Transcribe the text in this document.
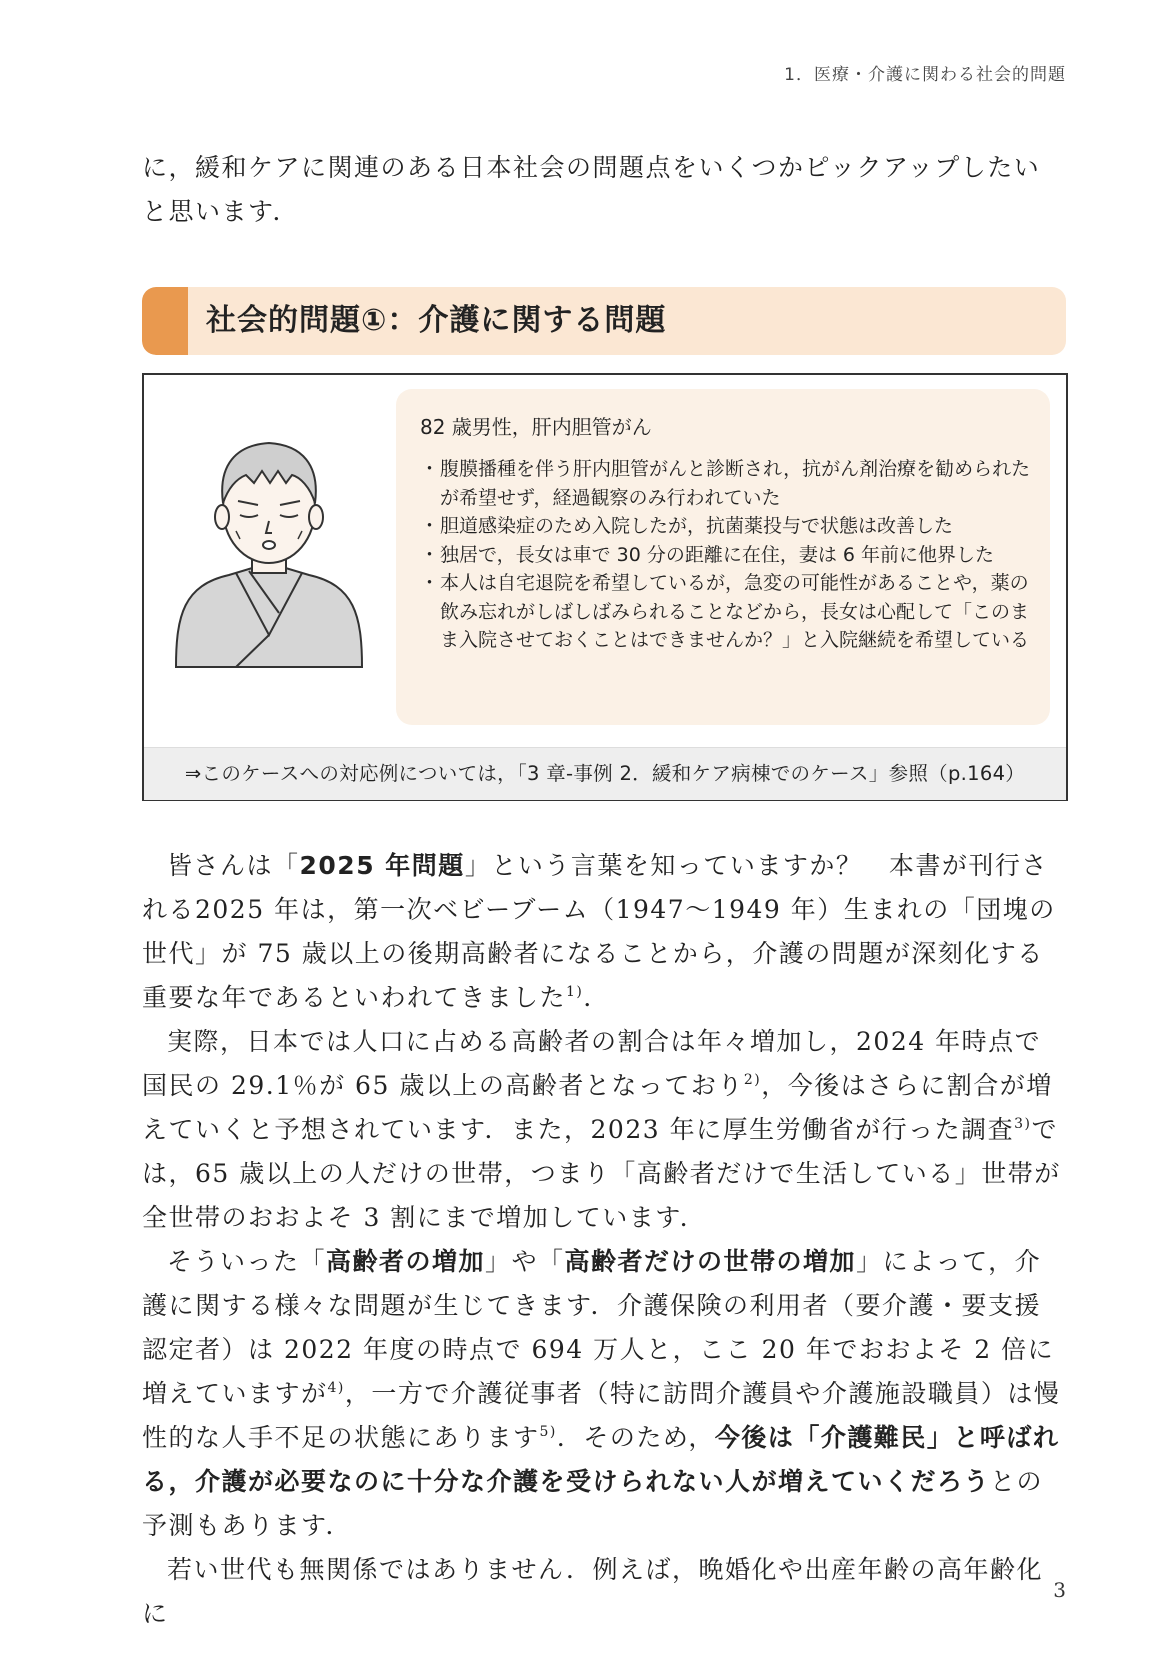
1．医療・介護に関わる社会的問題
に，緩和ケアに関連のある日本社会の問題点をいくつかピックアップしたいと思います．
社会的問題①：介護に関する問題
82 歳男性，肝内胆管がん
・ 腹膜播種を伴う肝内胆管がんと診断され，抗がん剤治療を勧められたが希望せず，経過観察のみ行われていた
・ 胆道感染症のため入院したが，抗菌薬投与で状態は改善した
・ 独居で，長女は車で 30 分の距離に在住，妻は 6 年前に他界した
・ 本人は自宅退院を希望しているが，急変の可能性があることや，薬の飲み忘れがしばしばみられることなどから，長女は心配して「このまま入院させておくことはできませんか？」と入院継続を希望している
⇒このケースへの対応例については，「3 章-事例 2．緩和ケア病棟でのケース」参照（p.164）

皆さんは「2025 年問題」という言葉を知っていますか？　本書が刊行される2025 年は，第一次ベビーブーム（1947～1949 年）生まれの「団塊の世代」が 75 歳以上の後期高齢者になることから，介護の問題が深刻化する重要な年であるといわれてきました$^{1)}$．

実際，日本では人口に占める高齢者の割合は年々増加し，2024 年時点で国民の 29.1％が 65 歳以上の高齢者となっており$^{2)}$，今後はさらに割合が増えていくと予想されています．また，2023 年に厚生労働省が行った調査$^{3)}$では，65 歳以上の人だけの世帯，つまり「高齢者だけで生活している」世帯が全世帯のおおよそ 3 割にまで増加しています．

そういった「高齢者の増加」や「高齢者だけの世帯の増加」によって，介護に関する様々な問題が生じてきます．介護保険の利用者（要介護・要支援認定者）は 2022 年度の時点で 694 万人と，ここ 20 年でおおよそ 2 倍に増えていますが$^{4)}$，一方で介護従事者（特に訪問介護員や介護施設職員）は慢性的な人手不足の状態にあります$^{5)}$．そのため，今後は「介護難民」と呼ばれる，介護が必要なのに十分な介護を受けられない人が増えていくだろうとの予測もあります．

若い世代も無関係ではありません．例えば，晩婚化や出産年齢の高年齢化に

3
